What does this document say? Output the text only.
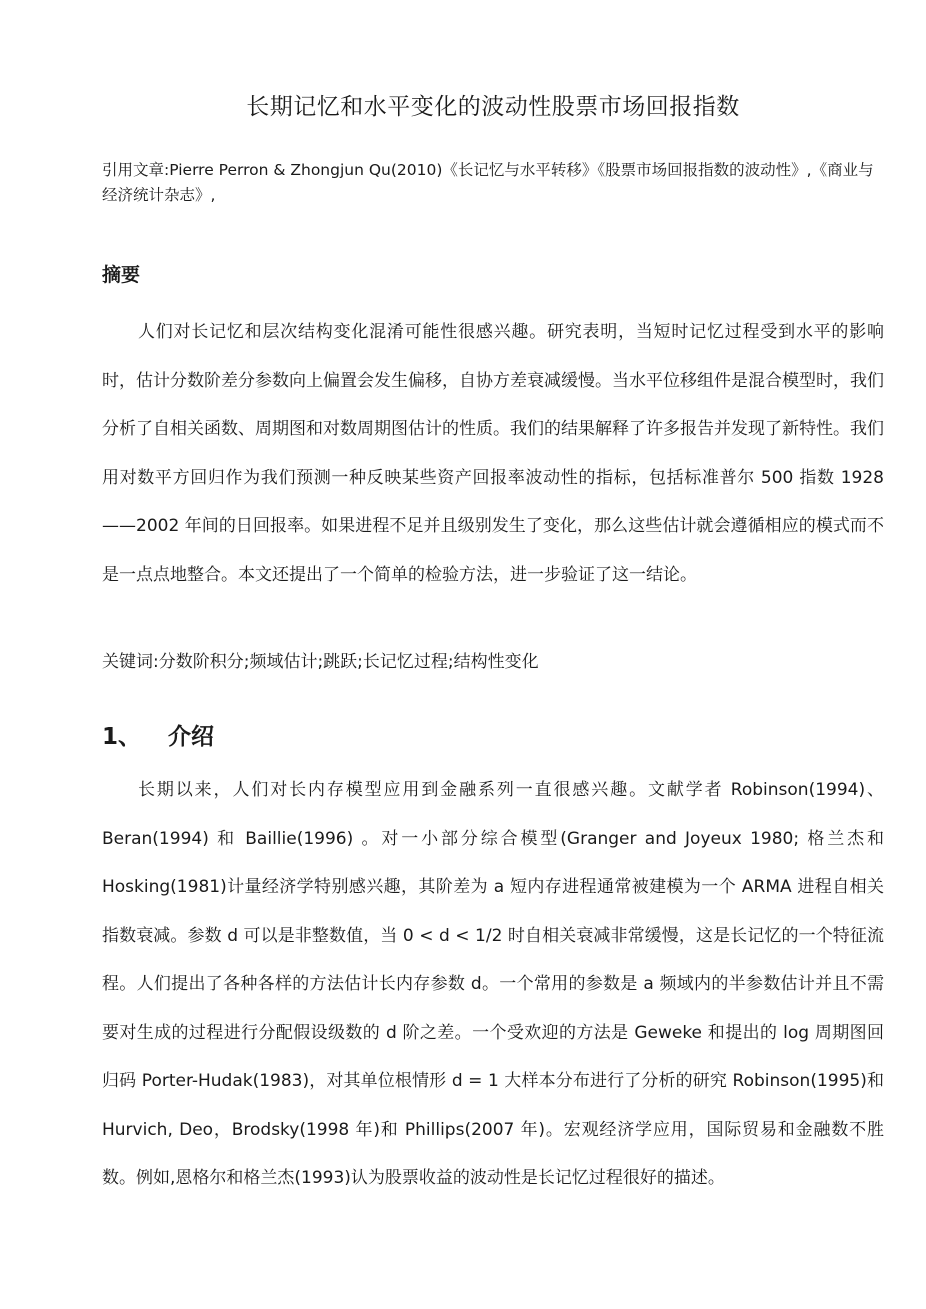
长期记忆和水平变化的波动性股票市场回报指数

引用文章:Pierre Perron & Zhongjun Qu(2010)《长记忆与水平转移》《股票市场回报指数的波动性》,《商业与经济统计杂志》,

摘要

人们对长记忆和层次结构变化混淆可能性很感兴趣。研究表明，当短时记忆过程受到水平的影响时，估计分数阶差分参数向上偏置会发生偏移，自协方差衰减缓慢。当水平位移组件是混合模型时，我们分析了自相关函数、周期图和对数周期图估计的性质。我们的结果解释了许多报告并发现了新特性。我们用对数平方回归作为我们预测一种反映某些资产回报率波动性的指标，包括标准普尔 500 指数 1928——2002 年间的日回报率。如果进程不足并且级别发生了变化，那么这些估计就会遵循相应的模式而不是一点点地整合。本文还提出了一个简单的检验方法，进一步验证了这一结论。

关键词:分数阶积分;频域估计;跳跃;长记忆过程;结构性变化

1、 介绍

长期以来，人们对长内存模型应用到金融系列一直很感兴趣。文献学者 Robinson(1994)、Beran(1994) 和 Baillie(1996) 。对一小部分综合模型(Granger and Joyeux 1980; 格兰杰和 Hosking(1981)计量经济学特别感兴趣，其阶差为 a 短内存进程通常被建模为一个 ARMA 进程自相关指数衰减。参数 d 可以是非整数值，当 0 < d < 1/2 时自相关衰减非常缓慢，这是长记忆的一个特征流程。人们提出了各种各样的方法估计长内存参数 d。一个常用的参数是 a 频域内的半参数估计并且不需要对生成的过程进行分配假设级数的 d 阶之差。一个受欢迎的方法是 Geweke 和提出的 log 周期图回归码 Porter-Hudak(1983)，对其单位根情形 d = 1 大样本分布进行了分析的研究 Robinson(1995)和 Hurvich, Deo，Brodsky(1998 年)和 Phillips(2007 年)。宏观经济学应用，国际贸易和金融数不胜数。例如,恩格尔和格兰杰(1993)认为股票收益的波动性是长记忆过程很好的描述。
